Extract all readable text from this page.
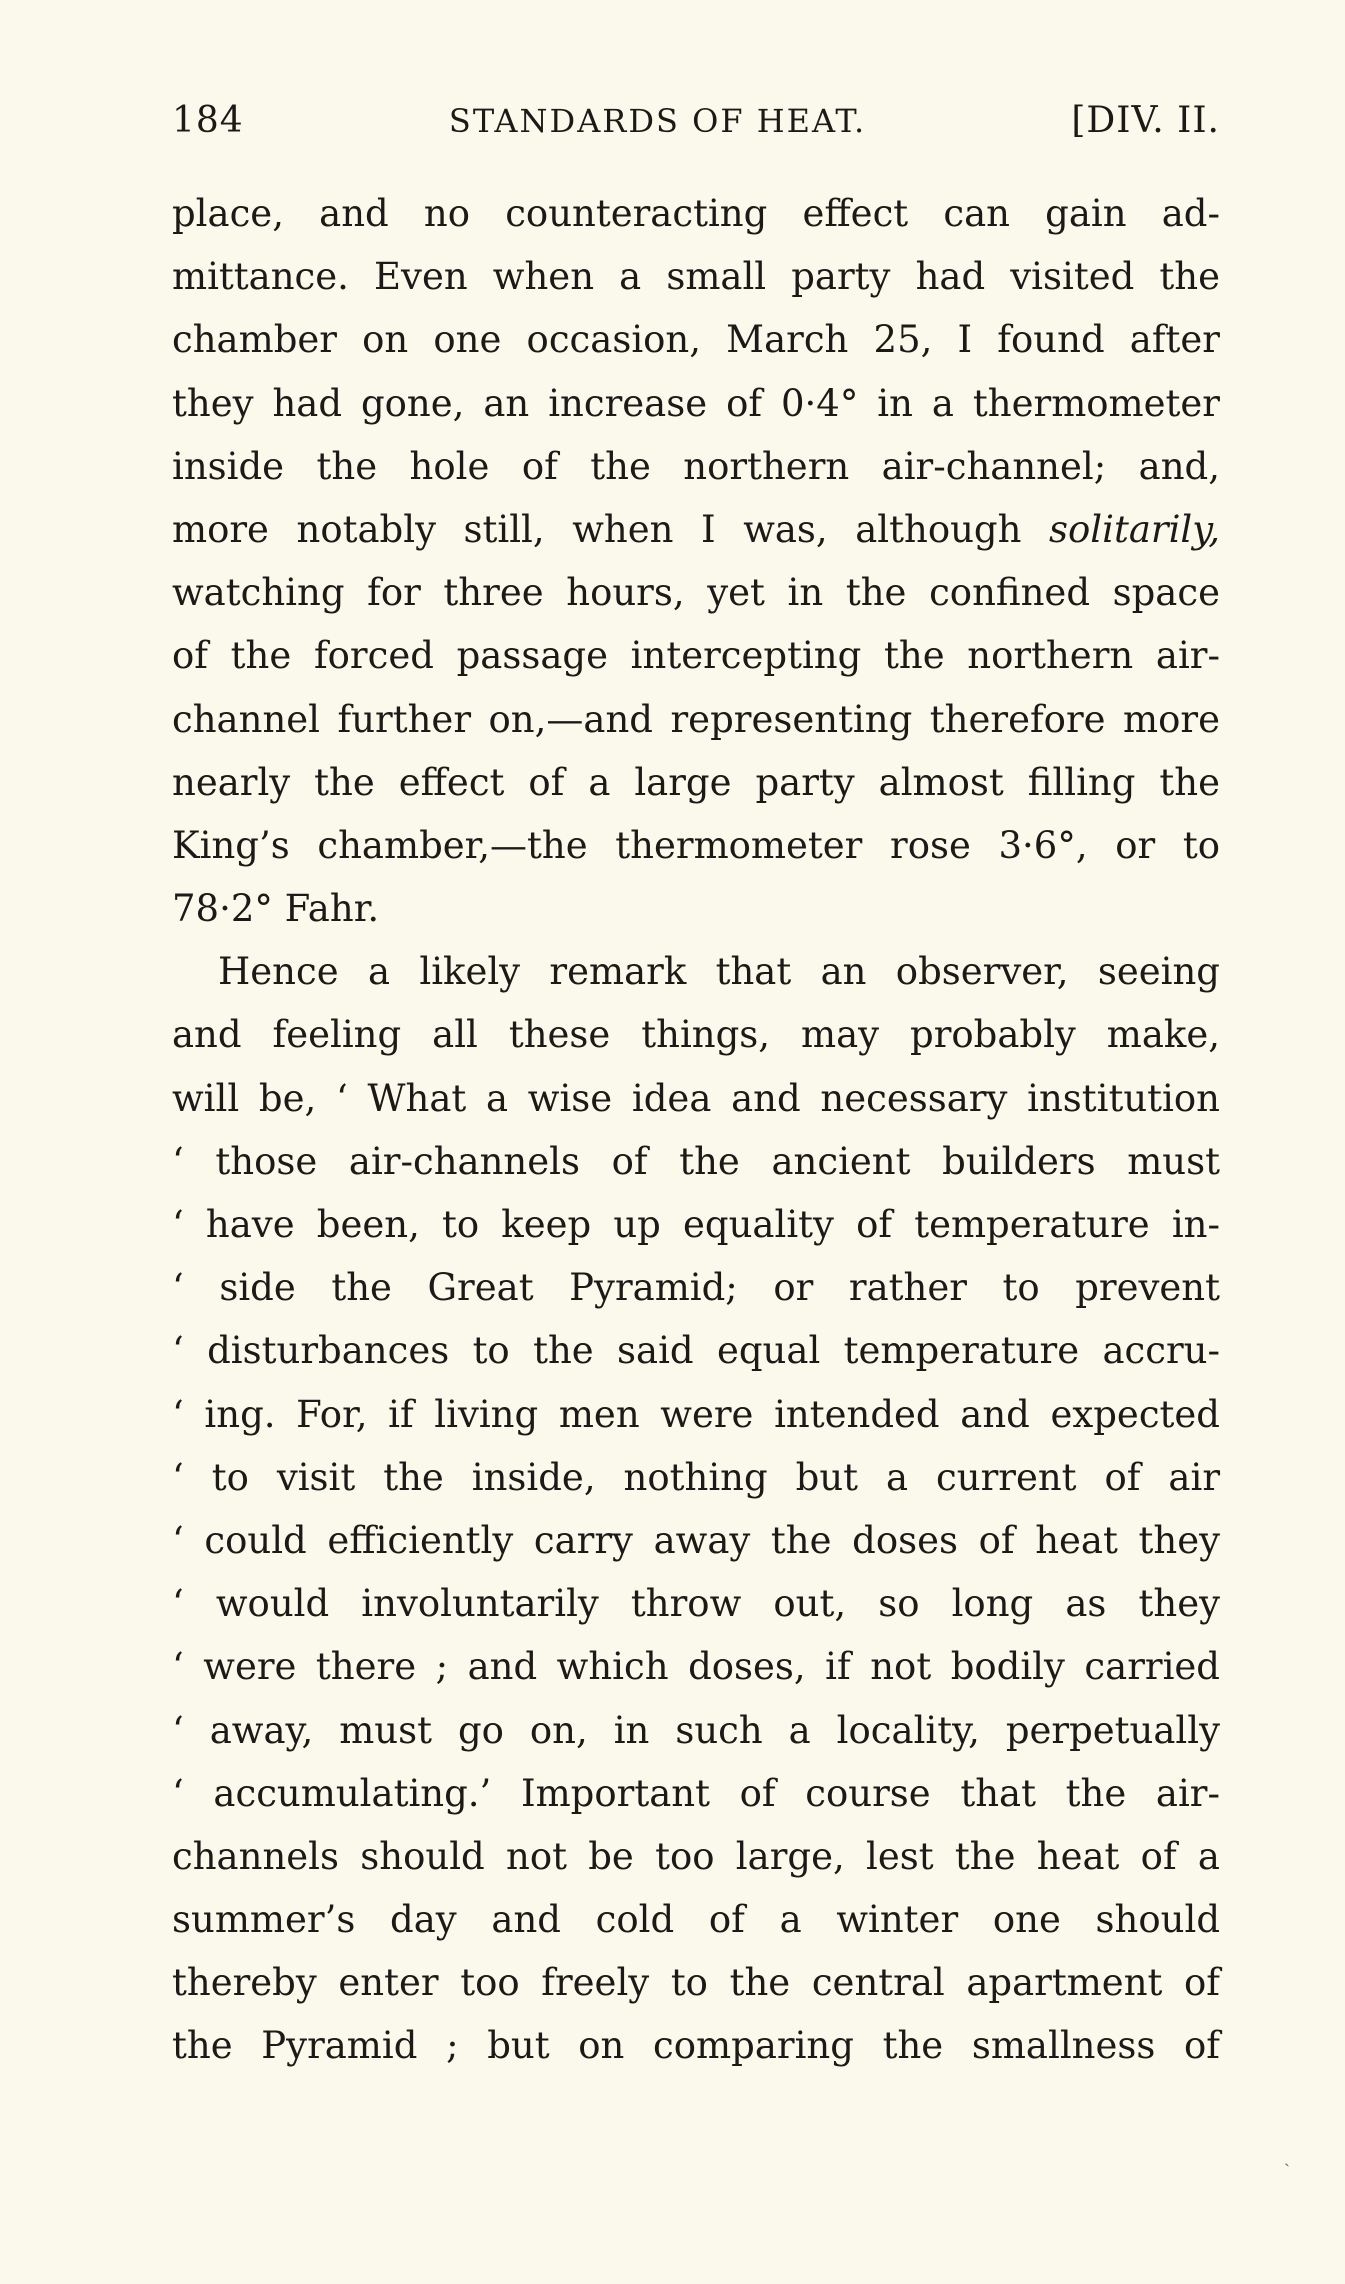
184	STANDARDS OF HEAT.	[DIV. II.
place, and no counteracting effect can gain ad-
mittance. Even when a small party had visited the
chamber on one occasion, March 25, I found after
they had gone, an increase of 0·4° in a thermometer
inside the hole of the northern air-channel; and,
more notably still, when I was, although solitarily,
watching for three hours, yet in the confined space
of the forced passage intercepting the northern air-
channel further on,—and representing therefore more
nearly the effect of a large party almost filling the
King’s chamber,—the thermometer rose 3·6°, or to
78·2° Fahr.
Hence a likely remark that an observer, seeing
and feeling all these things, may probably make,
will be, ‘ What a wise idea and necessary institution
‘ those air-channels of the ancient builders must
‘ have been, to keep up equality of temperature in-
‘ side the Great Pyramid; or rather to prevent
‘ disturbances to the said equal temperature accru-
‘ ing. For, if living men were intended and expected
‘ to visit the inside, nothing but a current of air
‘ could efficiently carry away the doses of heat they
‘ would involuntarily throw out, so long as they
‘ were there ; and which doses, if not bodily carried
‘ away, must go on, in such a locality, perpetually
‘ accumulating.’ Important of course that the air-
channels should not be too large, lest the heat of a
summer’s day and cold of a winter one should
thereby enter too freely to the central apartment of
the Pyramid ; but on comparing the smallness of
˴
